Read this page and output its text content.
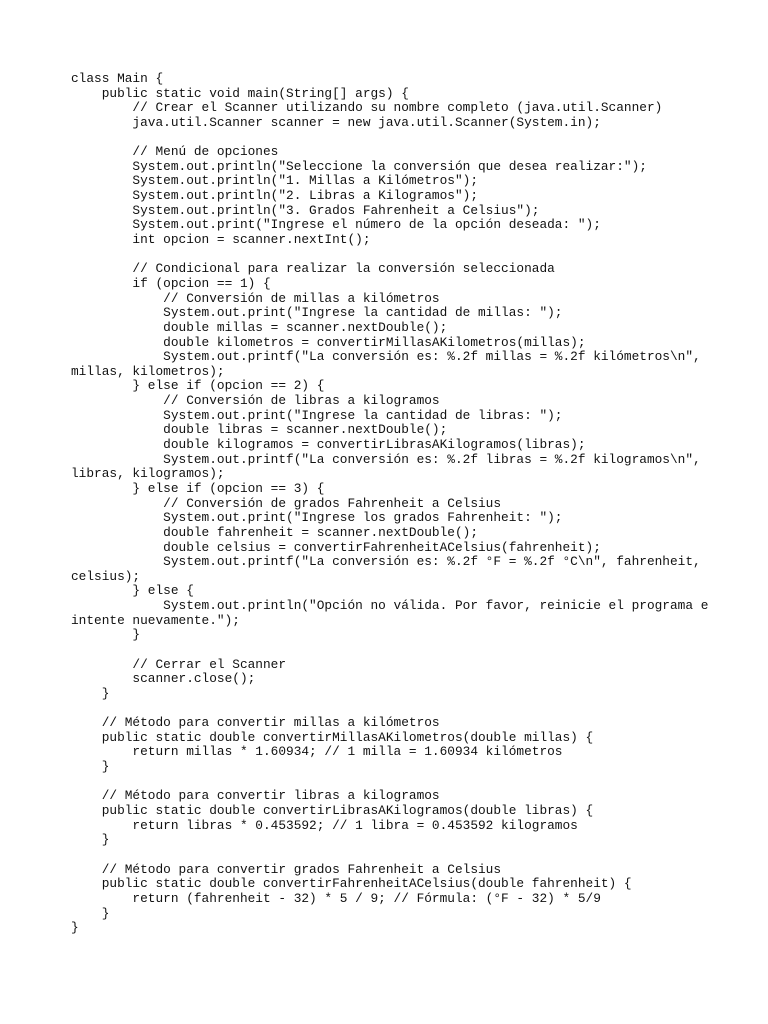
class Main {
public static void main(String[] args) {
// Crear el Scanner utilizando su nombre completo (java.util.Scanner)
java.util.Scanner scanner = new java.util.Scanner(System.in);
// Menú de opciones
System.out.println("Seleccione la conversión que desea realizar:");
System.out.println("1. Millas a Kilómetros");
System.out.println("2. Libras a Kilogramos");
System.out.println("3. Grados Fahrenheit a Celsius");
System.out.print("Ingrese el número de la opción deseada: ");
int opcion = scanner.nextInt();
// Condicional para realizar la conversión seleccionada
if (opcion == 1) {
// Conversión de millas a kilómetros
System.out.print("Ingrese la cantidad de millas: ");
double millas = scanner.nextDouble();
double kilometros = convertirMillasAKilometros(millas);
System.out.printf("La conversión es: %.2f millas = %.2f kilómetros\n",
millas, kilometros);
} else if (opcion == 2) {
// Conversión de libras a kilogramos
System.out.print("Ingrese la cantidad de libras: ");
double libras = scanner.nextDouble();
double kilogramos = convertirLibrasAKilogramos(libras);
System.out.printf("La conversión es: %.2f libras = %.2f kilogramos\n",
libras, kilogramos);
} else if (opcion == 3) {
// Conversión de grados Fahrenheit a Celsius
System.out.print("Ingrese los grados Fahrenheit: ");
double fahrenheit = scanner.nextDouble();
double celsius = convertirFahrenheitACelsius(fahrenheit);
System.out.printf("La conversión es: %.2f °F = %.2f °C\n", fahrenheit,
celsius);
} else {
System.out.println("Opción no válida. Por favor, reinicie el programa e
intente nuevamente.");
}
// Cerrar el Scanner
scanner.close();
}
// Método para convertir millas a kilómetros
public static double convertirMillasAKilometros(double millas) {
return millas * 1.60934; // 1 milla = 1.60934 kilómetros
}
// Método para convertir libras a kilogramos
public static double convertirLibrasAKilogramos(double libras) {
return libras * 0.453592; // 1 libra = 0.453592 kilogramos
}
// Método para convertir grados Fahrenheit a Celsius
public static double convertirFahrenheitACelsius(double fahrenheit) {
return (fahrenheit - 32) * 5 / 9; // Fórmula: (°F - 32) * 5/9
}
}
